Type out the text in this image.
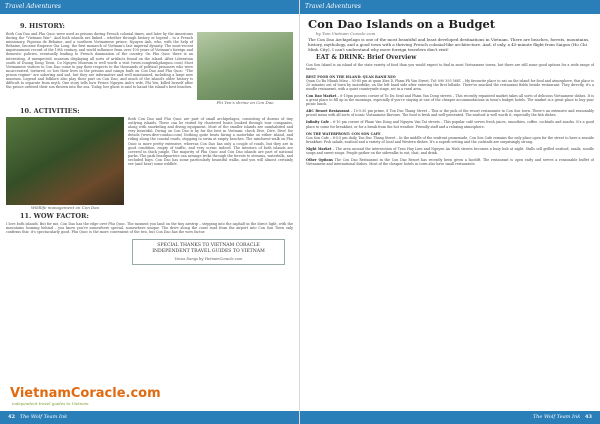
Travel Adventures
9. HISTORY:
Phi Yen's shrine on Con Dao

Both Con Dao and Phu Quoc were used as prisons during French colonial times, and later by the Americans during the "Vietnam War". And both islands are linked – whether through history or legend – to a French missionary, Pigneau de Behaine, and a southern Vietnamese prince, Nguyen Anh, who, with the help of Behaine, became Emperor Gia Long, the first monarch of Vietnam's last imperial dynasty. The most-recent imprisonment record of the 19th century, and world influence from over 100 years of Vietnam's foreign and domestic policies, eventually leading to French domination of the country. On Phu Quoc there is an interesting, if unexpected, museum displaying all sorts of artifacts found on the island. After Liberation south of Duong Dong Town, Cu Nguyen Museum is well worth a visit (www.congtrinhphuquoc.com) Most Vietnamese visitors to Con Dao come to pay their respects to the thousands of political prisoners who were incarcerated, tortured, or lost their lives in the prisons and camps built on Con Dao and Phu Quoc. "The prison regime" are sobering and sad, but they are informative and well maintained, including a large new museum. Legend and folklore also play their part on Con Dao, and much of the island's older history is difficult to separate from myth. One story tells how Prince Nguyen Anh's wife, Phi Yen, killed herself after the prince ordered their son thrown into the sea. Today, her ghost is said to haunt the island's best beaches.

10. ACTIVITIES:
Wildlife management on Con Dao

Both Con Dao and Phu Quoc are part of small archipelagos, consisting of dozens of tiny outlying islands. These can be visited by chartered boats booked through tour companies, along with snorkeling and diving equipment. Most of the smaller islands are uninhabited and very beautiful. Diving on Con Dao is by far the best in Vietnam: check Dive, Dive, Dive! for details (www.dive-condao.com) Nothing quite beats hiring a motorbike on either island, and riding along the coastal roads, stopping to swim at empty beaches. The rainforest-walk on Phu Quoc is more pretty extensive, whereas Con Dao has only a couple of roads, but they are in good condition, empty of traffic, and very scenic indeed. The interiors of both islands are covered in thick jungle. The majority of Phu Quoc and Con Dao islands are part of national parks. The park headquarters can arrange treks through the forests to streams, waterfalls, and secluded bays. Con Dao has some particularly beautiful walks, and you will almost certainly see (and hear) some wildlife.

11. WOW FACTOR:

I love both islands. But for me, Con Dao has the edge over Phu Quoc. The moment you land on the tiny airstrip – stepping into the asphalt in the direct light, with the mountains looming behind – you know you've somewhere special, somewhere unique. The drive along the coast road from the airport into Con Son Town only confirms this: it's spectacularly good. Phu Quoc is the more convenient of the two, but Con Dao has the wow factor.

SPECIAL THANKS TO VIETNAM CORACLE
INDEPENDENT TRAVEL GUIDES TO VIETNAM
Vocus Dangs by VietnamCoracle.com
VietnamCoracle.com
independent travel guides to Vietnam
42 The Wolf Team Ink
Travel Adventures
Con Dao Islands on a Budget
by Tom Vietnam Coracle.com

The Con Dao Archipelago is one of the most beautiful and least developed destinations in Vietnam. There are beaches, forests, mountains, history, mythology, and a good town with a thriving French colonial-like architecture. And, if only, a 45-minute flight from Saigon (Ho Chi Minh City), I can't understand why more foreign travelers don't visit!

EAT & DRINK: Brief Overview

Con Son Island is an island of the state variety of food than you would expect to find in most Vietnamese towns, but there are still some good options for a wide range of tastes.

BEST FOOD ON THE ISLAND: QUAN BANH XEO
Quan Co Ba Nhanh Mieu – 93-85 pm at quan Xtra D, Pham Ph Van Street, Tel: 090 393 5681 – My favourite place to eat on the island for food and atmosphere, this place is 20 minutes out of town by motorbike, on the left hand side after entering the first hillside. There've snacked the restaurant fields beside restaurant. They directly, it's a noodle restaurant, with a quiet countryside stage, set in a rural area.

Con Dao Market – 6-10pm possess corner of To Du Sesd and Pham Van Dong streets – This recently repainted market takes all sorts of delicious Vietnamese dishes. It is a great place to fill up in the mornings, especially if you're staying at one of the cheaper accommodations in town's budget hotels. The market is a great place to buy your picnic lunch.

ABC Resort Restaurant – 10-5:30 pm prime, 8 Ton Duc Thang Street – This is the pick of the resort restaurants in Con Son town. There's an extensive and reasonably priced menu with all sorts of iconic Vietnamese flavours. The food is fresh and well-presented. The seafood is well worth it, especially the fish dishes.

Infinity Cafe – 6-10 pm corner of Pham Van Dong and Nguyen Van Tat streets – This popular café serves fresh juices, smoothies, coffee, cocktails and snacks. It's a good place to come for breakfast, or for a break from the hot weather. Friendly staff and a relaxing atmosphere.

ON THE WATERFRONT: CON SON CAFE
Con Son Cafe – 8-5:5 pm daily, Ton Duc Thang Street – In the middle of the seafront promenade, Con Son Cafe remains the only place open for the street to have a seaside breakfast. Fish salads, seafood and a variety of local and Western dishes. It's a superb setting and the cocktails are surprisingly strong.

Night Market – The area around the intersection of Tran Huy Lieu and Nguyen An Ninh streets becomes a busy hub at night. Stalls sell grilled seafood, snails, noodle soups and sweet soups. People gather on the sidewalks to eat, chat, and drink.

Other Options The Con Dao Restaurant in the Con Dao Resort has recently been given a facelift. The restaurant is open early and serves a reasonable buffet of Vietnamese and international dishes. Most of the cheaper hotels in town also have small restaurants.

The Wolf Team Ink 43
